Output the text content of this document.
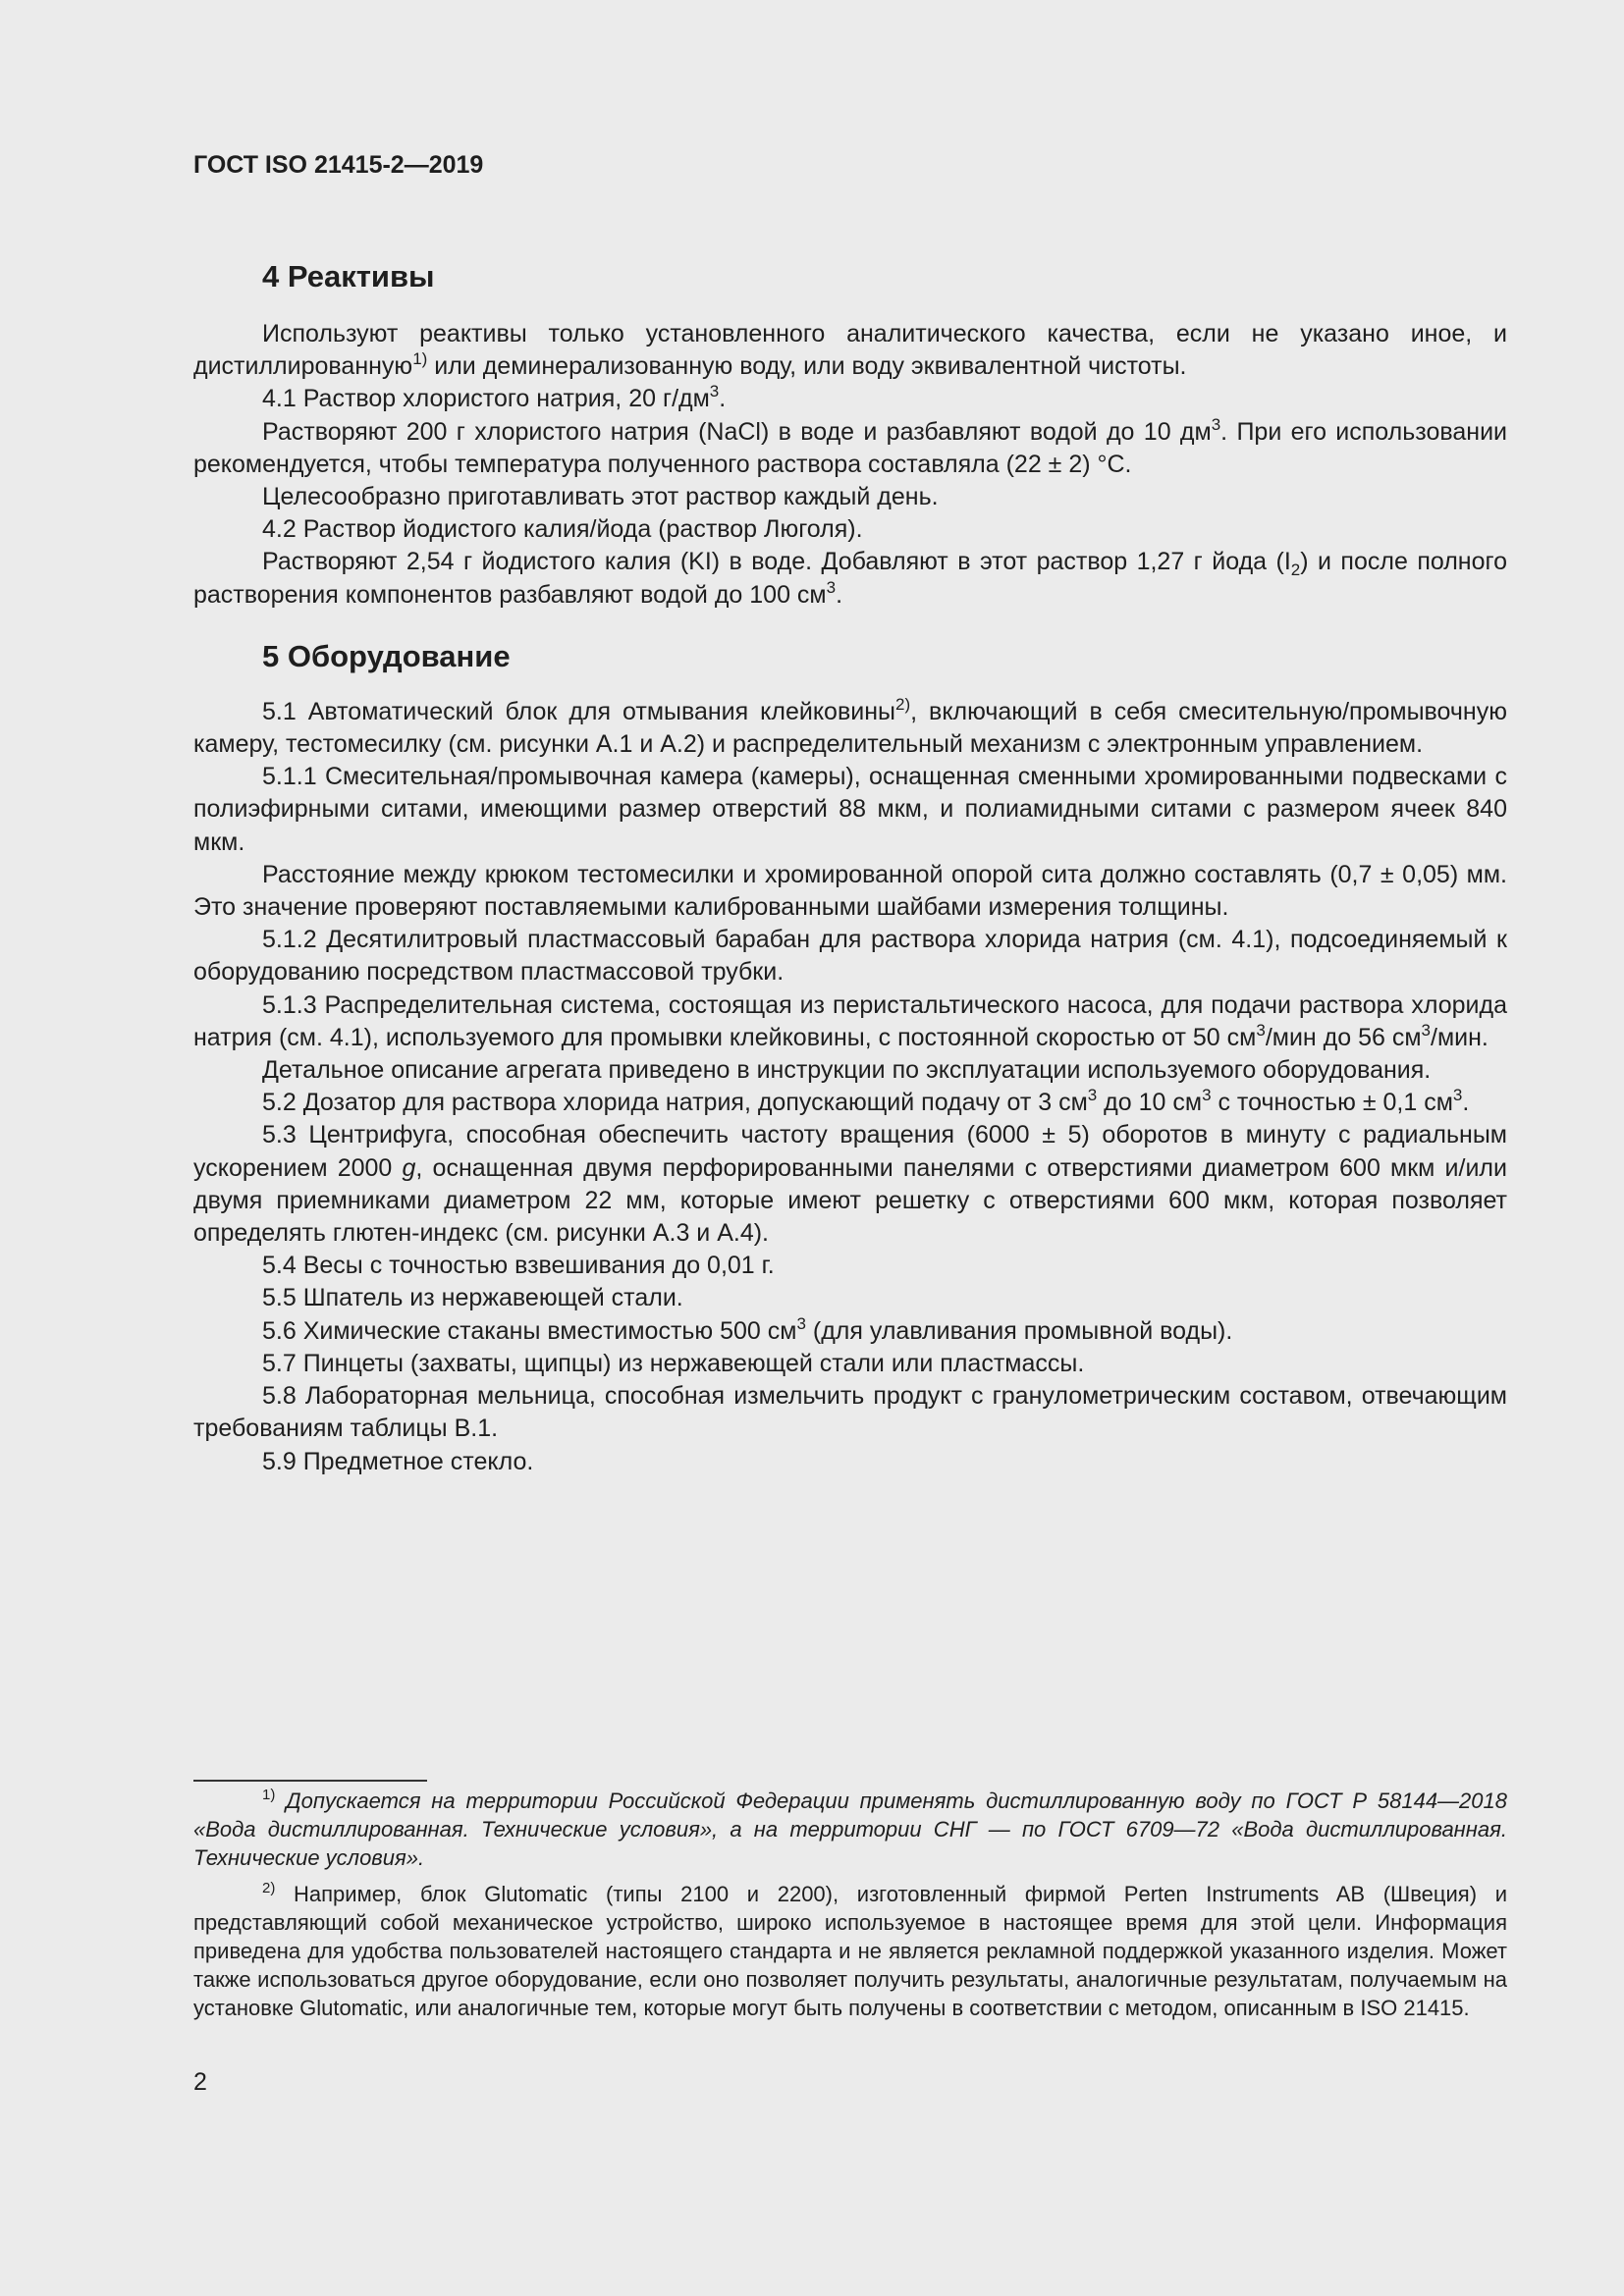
ГОСТ ISO 21415-2—2019

4 Реактивы

Используют реактивы только установленного аналитического качества, если не указано иное, и дистиллированную$^{1)}$ или деминерализованную воду, или воду эквивалентной чистоты.

4.1 Раствор хлористого натрия, 20 $г/дм^3$.

Растворяют 200 г хлористого натрия (NaCl) в воде и разбавляют водой до 10 $дм^3$. При его использовании рекомендуется, чтобы температура полученного раствора составляла (22 ± 2) °С.

Целесообразно приготавливать этот раствор каждый день.

4.2 Раствор йодистого калия/йода (раствор Люголя).

Растворяют 2,54 г йодистого калия (KI) в воде. Добавляют в этот раствор 1,27 г йода $(I_2)$ и после полного растворения компонентов разбавляют водой до 100 $см^3$.

5 Оборудование

5.1 Автоматический блок для отмывания клейковины$^{2)}$, включающий в себя смесительную/промывочную камеру, тестомесилку (см. рисунки А.1 и А.2) и распределительный механизм с электронным управлением.

5.1.1 Смесительная/промывочная камера (камеры), оснащенная сменными хромированными подвесками с полиэфирными ситами, имеющими размер отверстий 88 мкм, и полиамидными ситами с размером ячеек 840 мкм.

Расстояние между крюком тестомесилки и хромированной опорой сита должно составлять (0,7 ± 0,05) мм. Это значение проверяют поставляемыми калиброванными шайбами измерения толщины.

5.1.2 Десятилитровый пластмассовый барабан для раствора хлорида натрия (см. 4.1), подсоединяемый к оборудованию посредством пластмассовой трубки.

5.1.3 Распределительная система, состоящая из перистальтического насоса, для подачи раствора хлорида натрия (см. 4.1), используемого для промывки клейковины, с постоянной скоростью от 50 $см^3$/мин до 56 $см^3$/мин.

Детальное описание агрегата приведено в инструкции по эксплуатации используемого оборудования.

5.2 Дозатор для раствора хлорида натрия, допускающий подачу от 3 $см^3$ до 10 $см^3$ с точностью ± 0,1 $см^3$.

5.3 Центрифуга, способная обеспечить частоту вращения (6000 ± 5) оборотов в минуту с радиальным ускорением 2000 g, оснащенная двумя перфорированными панелями с отверстиями диаметром 600 мкм и/или двумя приемниками диаметром 22 мм, которые имеют решетку с отверстиями 600 мкм, которая позволяет определять глютен-индекс (см. рисунки А.3 и А.4).

5.4 Весы с точностью взвешивания до 0,01 г.

5.5 Шпатель из нержавеющей стали.

5.6 Химические стаканы вместимостью 500 $см^3$ (для улавливания промывной воды).

5.7 Пинцеты (захваты, щипцы) из нержавеющей стали или пластмассы.

5.8 Лабораторная мельница, способная измельчить продукт с гранулометрическим составом, отвечающим требованиям таблицы В.1.

5.9 Предметное стекло.

$^{1)}$ Допускается на территории Российской Федерации применять дистиллированную воду по ГОСТ Р 58144—2018 «Вода дистиллированная. Технические условия», а на территории СНГ — по ГОСТ 6709—72 «Вода дистиллированная. Технические условия».

$^{2)}$ Например, блок Glutomatic (типы 2100 и 2200), изготовленный фирмой Perten Instruments AB (Швеция) и представляющий собой механическое устройство, широко используемое в настоящее время для этой цели. Информация приведена для удобства пользователей настоящего стандарта и не является рекламной поддержкой указанного изделия. Может также использоваться другое оборудование, если оно позволяет получить результаты, аналогичные результатам, получаемым на установке Glutomatic, или аналогичные тем, которые могут быть получены в соответствии с методом, описанным в ISO 21415.

2
